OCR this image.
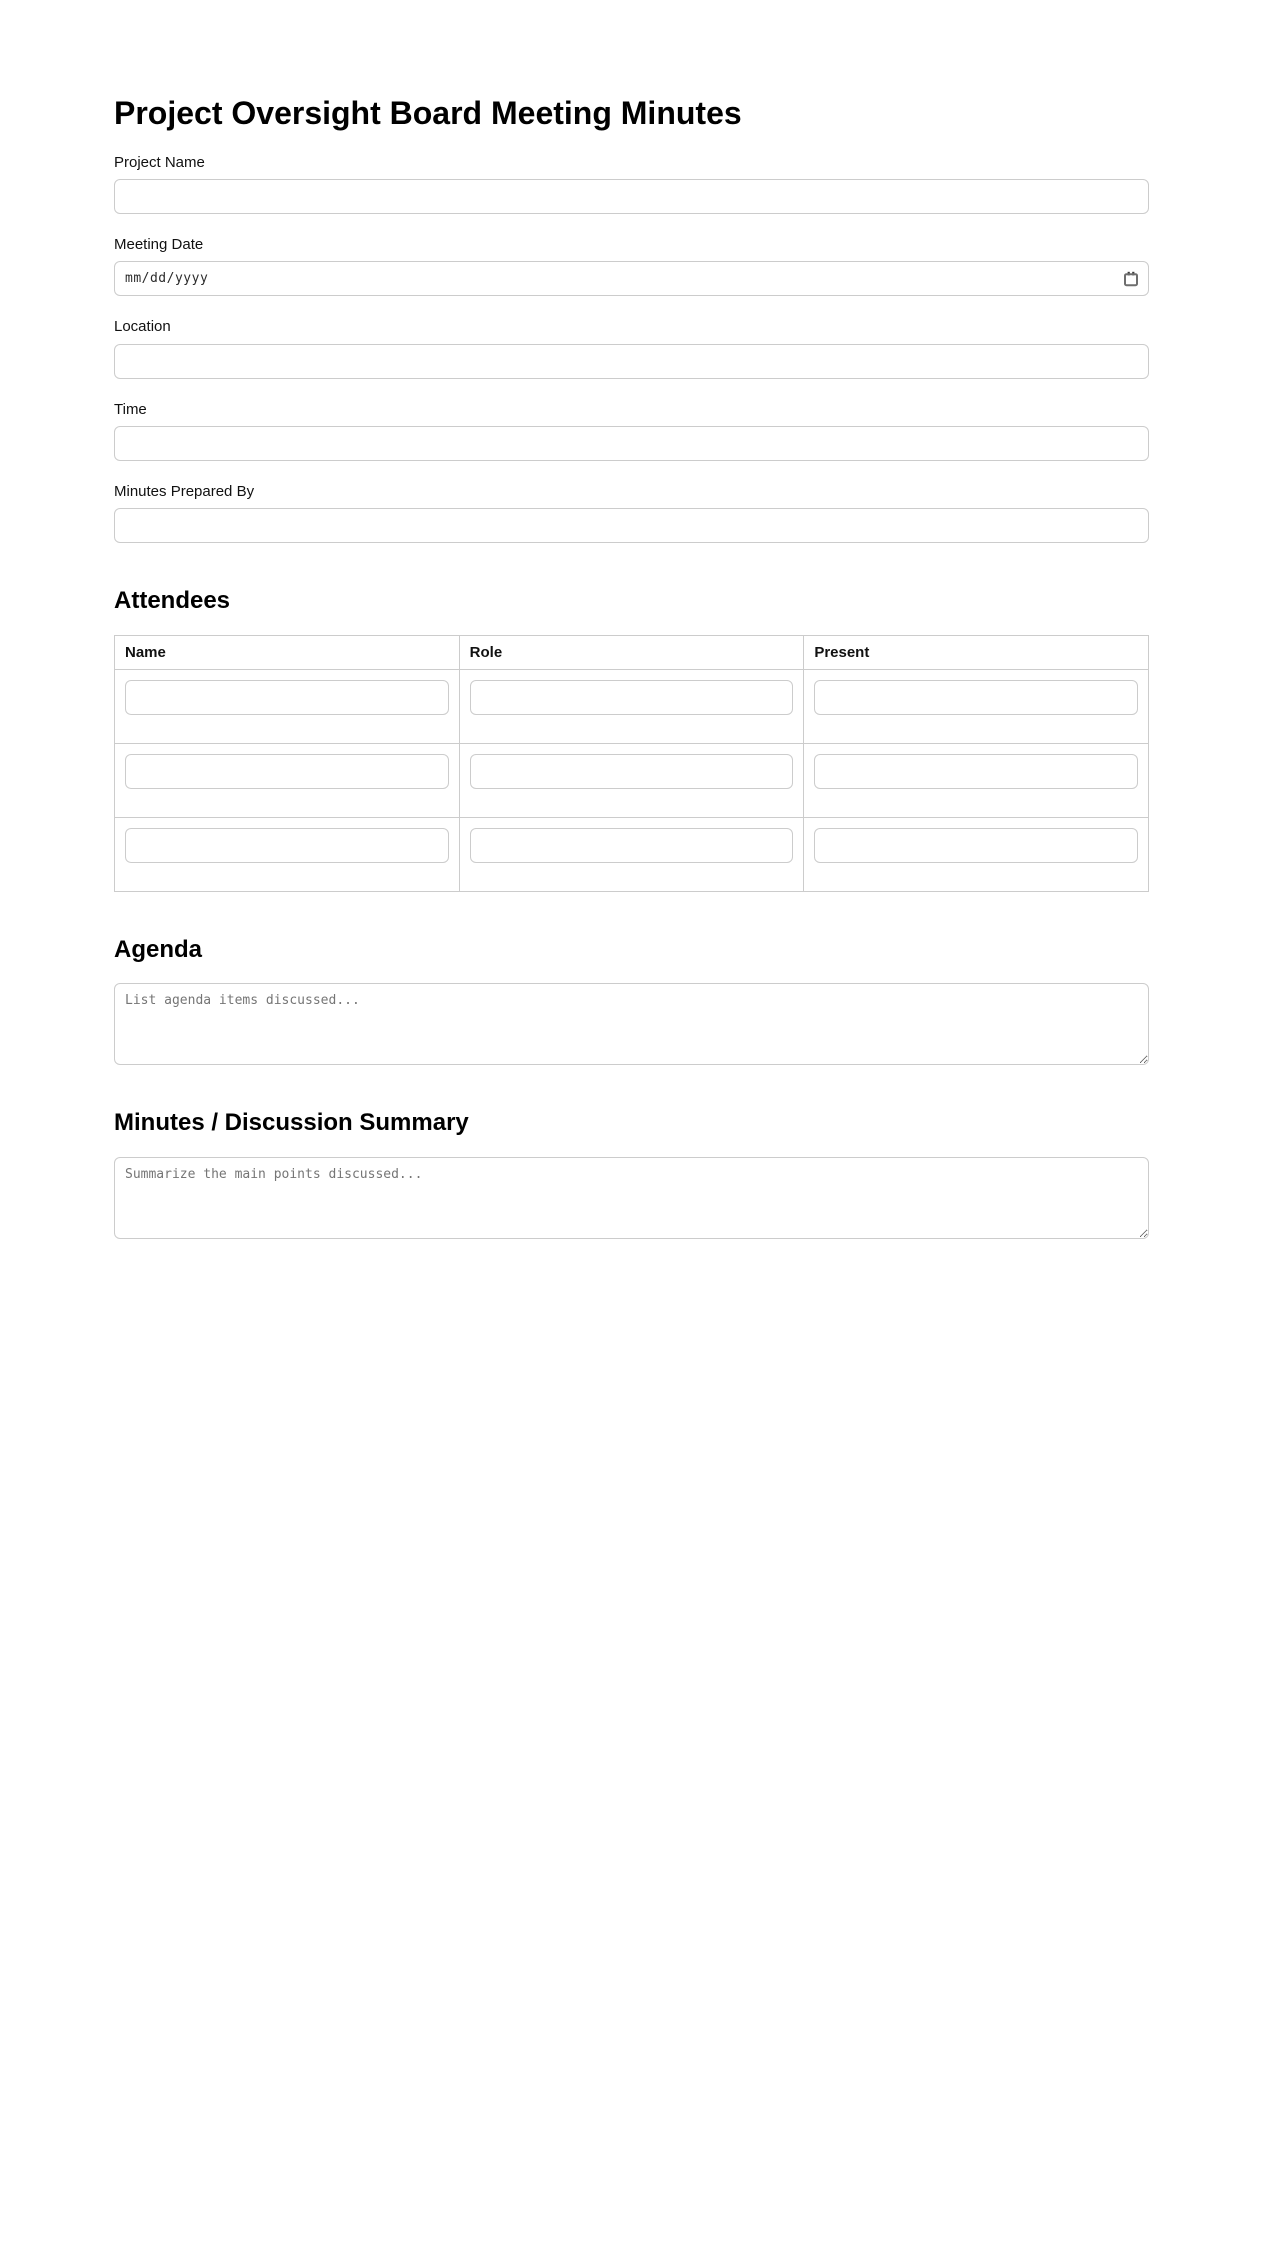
Project Oversight Board Meeting Minutes
Project Name
Meeting Date
mm/dd/yyyy
Location
Time
Minutes Prepared By
Attendees
Name	Role	Present

Agenda
List agenda items discussed...
Minutes / Discussion Summary
Summarize the main points discussed...
